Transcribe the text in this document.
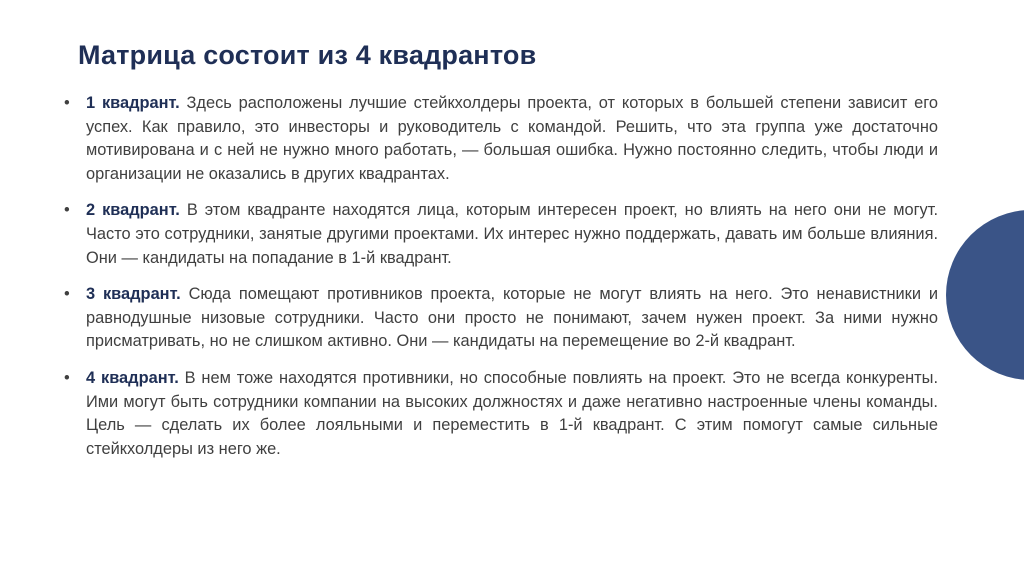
Матрица состоит из 4 квадрантов
• 1 квадрант. Здесь расположены лучшие стейкхолдеры проекта, от которых в большей степени зависит его успех. Как правило, это инвесторы и руководитель с командой. Решить, что эта группа уже достаточно мотивирована и с ней не нужно много работать, — большая ошибка. Нужно постоянно следить, чтобы люди и организации не оказались в других квадрантах.
• 2 квадрант. В этом квадранте находятся лица, которым интересен проект, но влиять на него они не могут. Часто это сотрудники, занятые другими проектами. Их интерес нужно поддержать, давать им больше влияния. Они — кандидаты на попадание в 1-й квадрант.
• 3 квадрант. Сюда помещают противников проекта, которые не могут влиять на него. Это ненавистники и равнодушные низовые сотрудники. Часто они просто не понимают, зачем нужен проект. За ними нужно присматривать, но не слишком активно. Они — кандидаты на перемещение во 2-й квадрант.
• 4 квадрант. В нем тоже находятся противники, но способные повлиять на проект. Это не всегда конкуренты. Ими могут быть сотрудники компании на высоких должностях и даже негативно настроенные члены команды. Цель — сделать их более лояльными и переместить в 1-й квадрант. С этим помогут самые сильные стейкхолдеры из него же.
